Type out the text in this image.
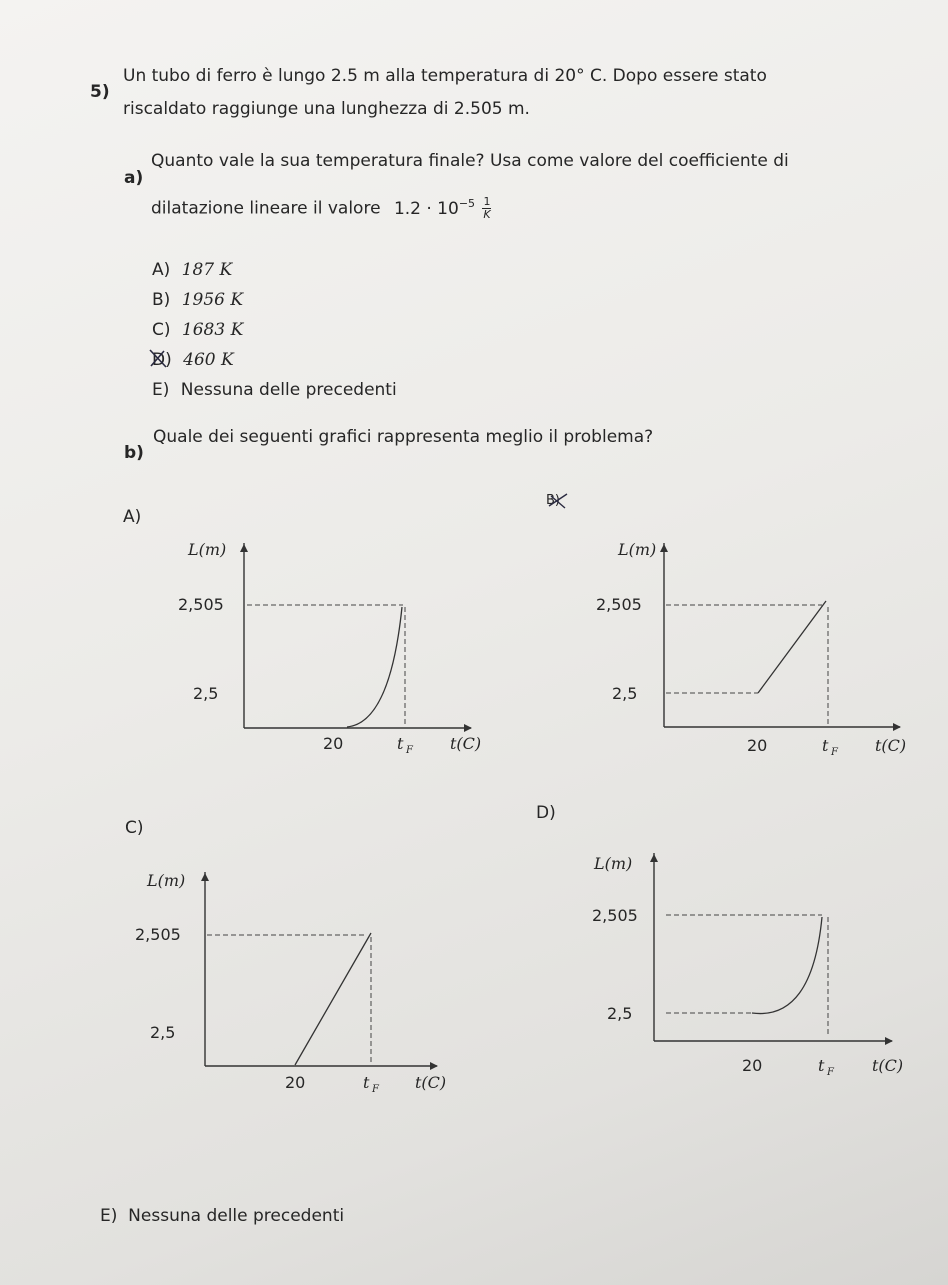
5)
Un tubo di ferro è lungo 2.5 m alla temperatura di 20° C. Dopo essere stato
riscaldato raggiunge una lunghezza di 2.505 m.
a)
Quanto vale la sua temperatura finale? Usa come valore del coefficiente di
dilatazione lineare il valore $1.2 \cdot 10^{-5} \frac{1}{K}$
A) 187 K
B) 1956 K
C) 1683 K
D) 460 K
E) Nessuna delle precedenti
b)
Quale dei seguenti grafici rappresenta meglio il problema?
A)
B)
C)
D)
L(m)
2,505
2,5
20	t F t(C)
L(m)
2,505
2,5
20	t F t(C)
L(m)
2,505
2,5
20	t F t(C)
L(m)
2,505
2,5
20	t F t(C)
E)  Nessuna delle precedenti
